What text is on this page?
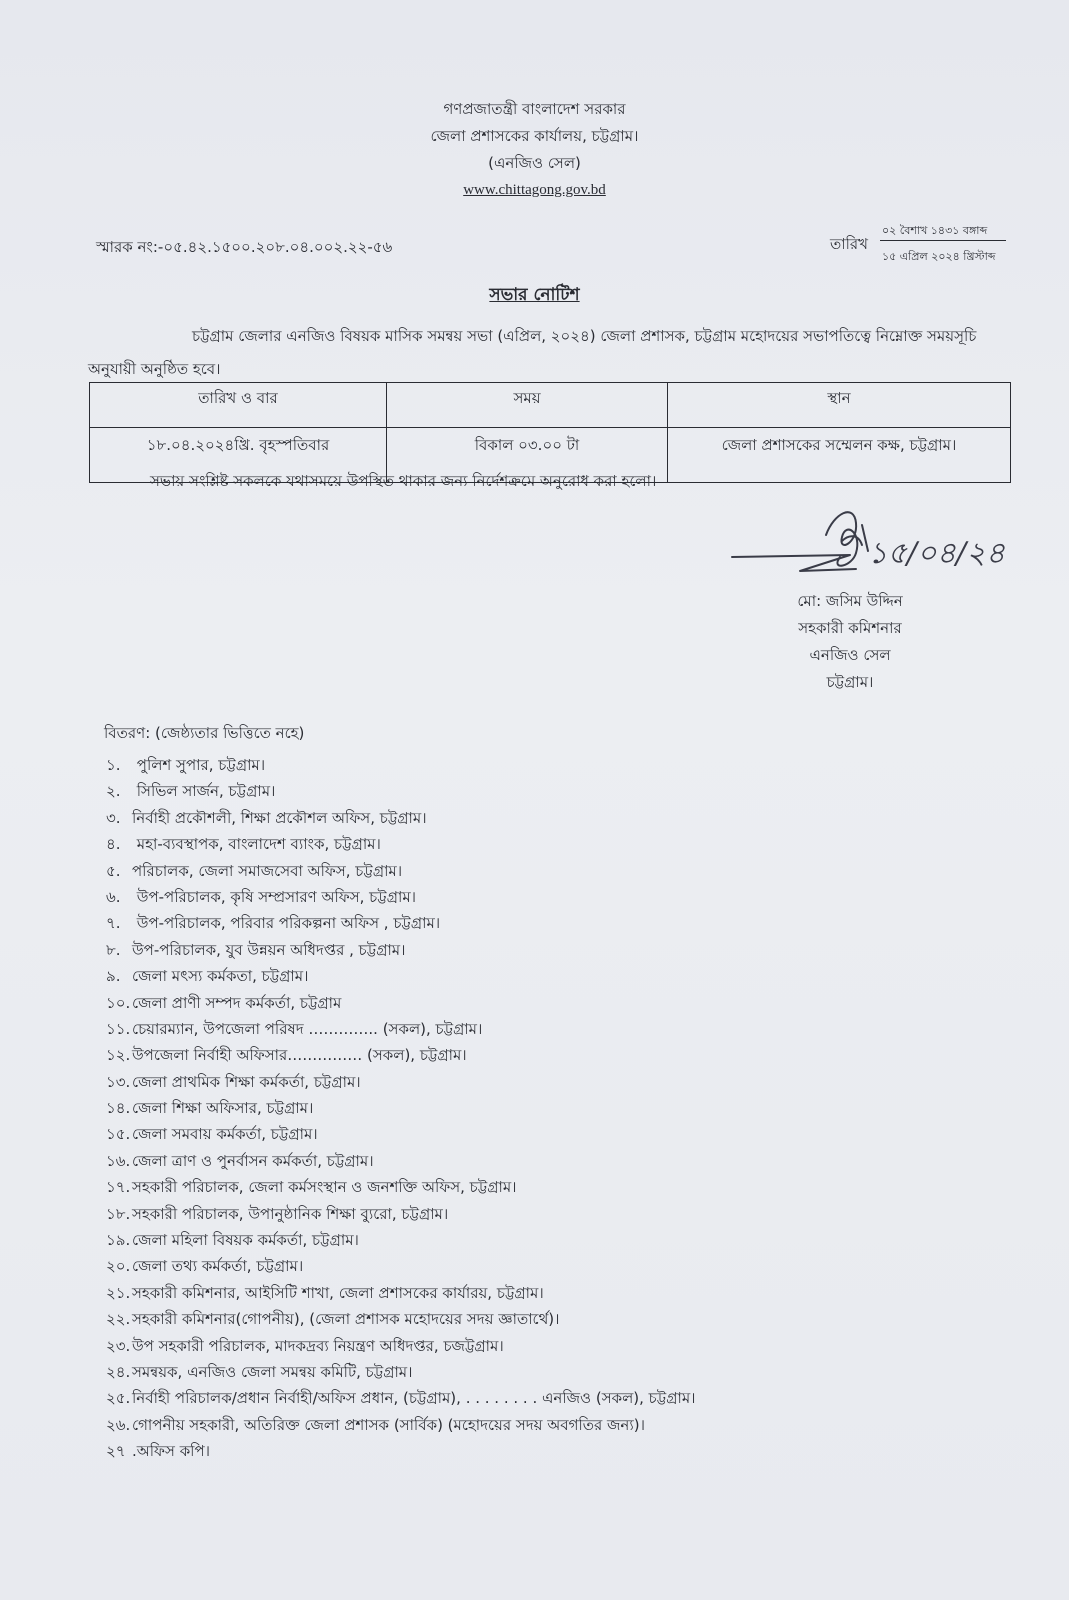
গণপ্রজাতন্ত্রী বাংলাদেশ সরকার
জেলা প্রশাসকের কার্যালয়, চট্টগ্রাম।
(এনজিও সেল)
www.chittagong.gov.bd
স্মারক নং:-০৫.৪২.১৫০০.২০৮.০৪.০০২.২২-৫৬	তারিখ
০২ বৈশাখ ১৪৩১ বঙ্গাব্দ
১৫ এপ্রিল ২০২৪ খ্রিস্টাব্দ
সভার নোটিশ
চট্টগ্রাম জেলার এনজিও বিষয়ক মাসিক সমন্বয় সভা (এপ্রিল, ২০২৪) জেলা প্রশাসক, চট্টগ্রাম মহোদয়ের সভাপতিত্বে নিম্নোক্ত সময়সূচি অনুযায়ী অনুষ্ঠিত হবে।
তারিখ ও বার	সময়	স্থান
১৮.০৪.২০২৪খ্রি. বৃহস্পতিবার	বিকাল ০৩.০০ টা	জেলা প্রশাসকের সম্মেলন কক্ষ, চট্টগ্রাম।
সভায় সংশ্লিষ্ট সকলকে যথাসময়ে উপস্থিত থাকার জন্য নির্দেশক্রমে অনুরোধ করা হলো।
১৫/০৪/২৪
মো: জসিম উদ্দিন
সহকারী কমিশনার
এনজিও সেল
চট্টগ্রাম।
বিতরণ: (জেষ্ঠ্যতার ভিত্তিতে নহে)
১. পুলিশ সুপার, চট্টগ্রাম।
২. সিভিল সার্জন, চট্টগ্রাম।
৩. নির্বাহী প্রকৌশলী, শিক্ষা প্রকৌশল অফিস, চট্টগ্রাম।
৪. মহা-ব্যবস্থাপক, বাংলাদেশ ব্যাংক, চট্টগ্রাম।
৫. পরিচালক, জেলা সমাজসেবা অফিস, চট্টগ্রাম।
৬. উপ-পরিচালক, কৃষি সম্প্রসারণ অফিস, চট্টগ্রাম।
৭. উপ-পরিচালক, পরিবার পরিকল্পনা অফিস , চট্টগ্রাম।
৮. উপ-পরিচালক, যুব উন্নয়ন অধিদপ্তর , চট্টগ্রাম।
৯. জেলা মৎস্য কর্মকতা, চট্টগ্রাম।
১০. জেলা প্রাণী সম্পদ কর্মকর্তা, চট্টগ্রাম
১১. চেয়ারম্যান, উপজেলা পরিষদ ………….. (সকল), চট্টগ্রাম।
১২. উপজেলা নির্বাহী অফিসার…………… (সকল), চট্টগ্রাম।
১৩. জেলা প্রাথমিক শিক্ষা কর্মকর্তা, চট্টগ্রাম।
১৪. জেলা শিক্ষা অফিসার, চট্টগ্রাম।
১৫. জেলা সমবায় কর্মকর্তা, চট্টগ্রাম।
১৬. জেলা ত্রাণ ও পুনর্বাসন কর্মকর্তা, চট্টগ্রাম।
১৭. সহকারী পরিচালক, জেলা কর্মসংস্থান ও জনশক্তি অফিস, চট্টগ্রাম।
১৮. সহকারী পরিচালক, উপানুষ্ঠানিক শিক্ষা ব্যুরো, চট্টগ্রাম।
১৯. জেলা মহিলা বিষয়ক কর্মকর্তা, চট্টগ্রাম।
২০. জেলা তথ্য কর্মকর্তা, চট্টগ্রাম।
২১. সহকারী কমিশনার, আইসিটি শাখা, জেলা প্রশাসকের কার্যারয়, চট্টগ্রাম।
২২. সহকারী কমিশনার(গোপনীয়), (জেলা প্রশাসক মহোদয়ের সদয় জ্ঞাতার্থে)।
২৩. উপ সহকারী পরিচালক, মাদকদ্রব্য নিয়ন্ত্রণ অধিদপ্তর, চজট্টগ্রাম।
২৪. সমন্বয়ক, এনজিও জেলা সমন্বয় কমিটি, চট্টগ্রাম।
২৫. নির্বাহী পরিচালক/প্রধান নির্বাহী/অফিস প্রধান, (চট্টগ্রাম), . . . . . . . . এনজিও (সকল), চট্টগ্রাম।
২৬. গোপনীয় সহকারী, অতিরিক্ত জেলা প্রশাসক (সার্বিক) (মহোদয়ের সদয় অবগতির জন্য)।
২৭ .অফিস কপি।
